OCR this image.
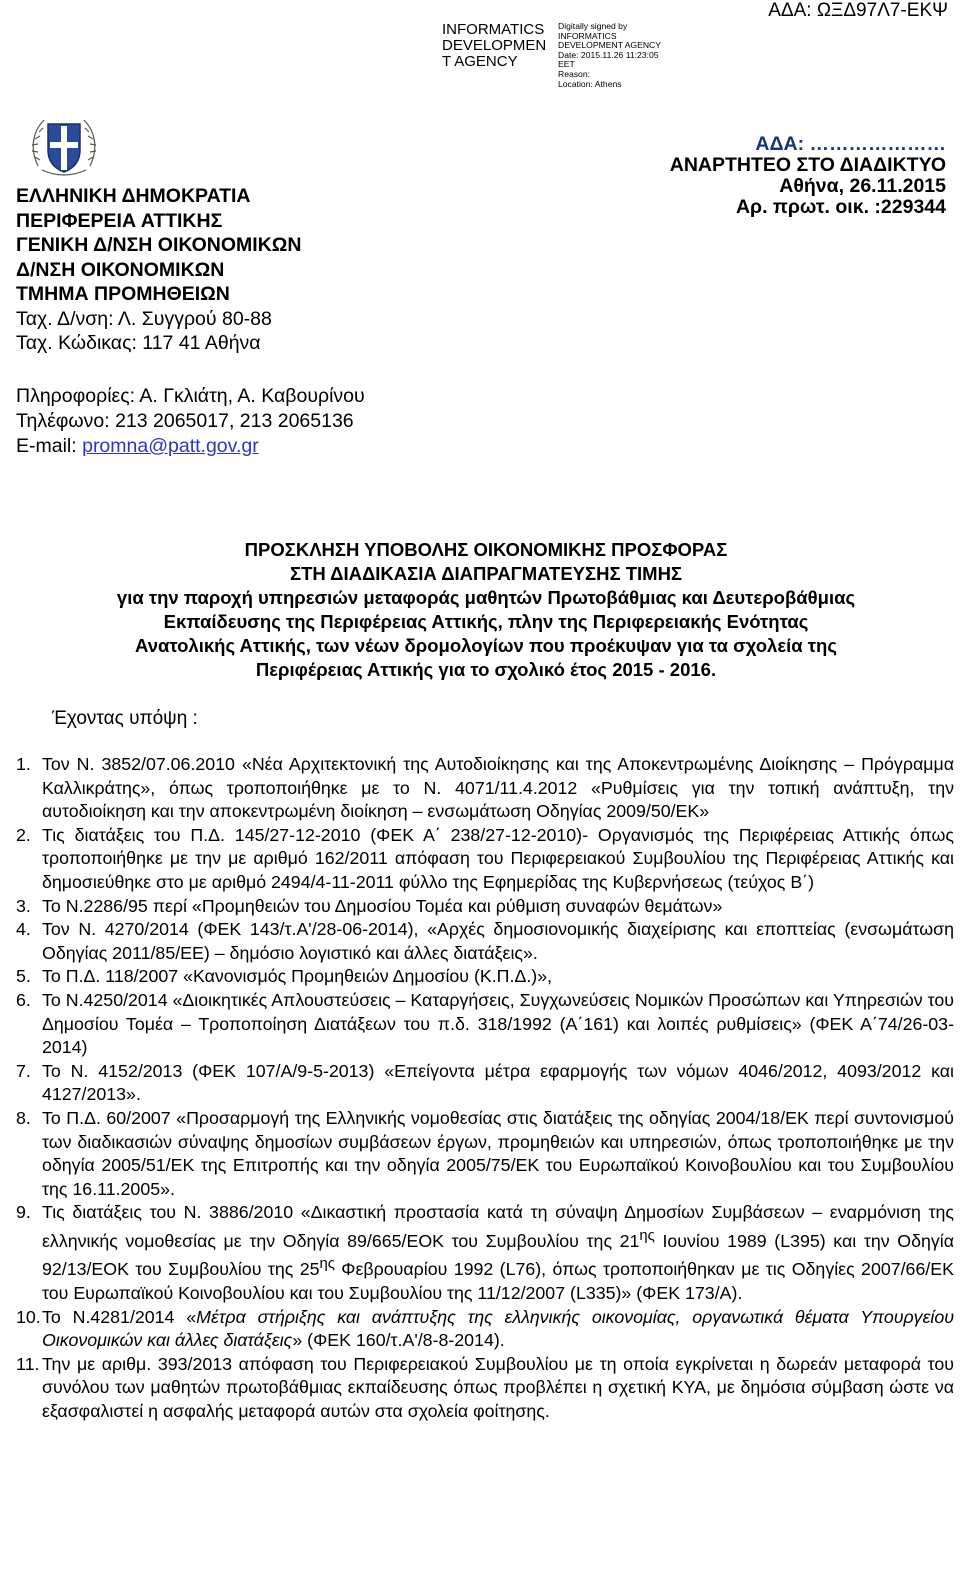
INFORMATICS
DEVELOPMEN
T AGENCY
Digitally signed by
INFORMATICS
DEVELOPMENT AGENCY
Date: 2015.11.26 11:23:05
EET
Reason:
Location: Athens
ΑΔΑ: ΩΞΔ97Λ7-ΕΚΨ
ΕΛΛΗΝΙΚΗ ΔΗΜΟΚΡΑΤΙΑ
ΠΕΡΙΦΕΡΕΙΑ ΑΤΤΙΚΗΣ
ΓΕΝΙΚΗ Δ/ΝΣΗ ΟΙΚΟΝΟΜΙΚΩΝ
Δ/ΝΣΗ ΟΙΚΟΝΟΜΙΚΩΝ
ΤΜΗΜΑ ΠΡΟΜΗΘΕΙΩΝ
Ταχ. Δ/νση: Λ. Συγγρού 80-88
Ταχ. Κώδικας: 117 41 Αθήνα
Πληροφορίες: Α. Γκλιάτη, Α. Καβουρίνου
Τηλέφωνο: 213 2065017, 213 2065136
E-mail: promna@patt.gov.gr
ΑΔΑ: …………………
ΑΝΑΡΤΗΤΕΟ ΣΤΟ ΔΙΑΔΙΚΤΥΟ
Αθήνα, 26.11.2015
Αρ. πρωτ. οικ. :229344
ΠΡΟΣΚΛΗΣΗ ΥΠΟΒΟΛΗΣ ΟΙΚΟΝΟΜΙΚΗΣ ΠΡΟΣΦΟΡΑΣ
ΣΤΗ ΔΙΑΔΙΚΑΣΙΑ ΔΙΑΠΡΑΓΜΑΤΕΥΣΗΣ ΤΙΜΗΣ
για την παροχή υπηρεσιών μεταφοράς μαθητών Πρωτοβάθμιας και Δευτεροβάθμιας
Εκπαίδευσης της Περιφέρειας Αττικής, πλην της Περιφερειακής Ενότητας
Ανατολικής Αττικής, των νέων δρομολογίων που προέκυψαν για τα σχολεία της
Περιφέρειας Αττικής για το σχολικό έτος 2015 - 2016.
Έχοντας υπόψη :
1. Τον Ν. 3852/07.06.2010 «Νέα Αρχιτεκτονική της Αυτοδιοίκησης και της Αποκεντρωμένης Διοίκησης – Πρόγραμμα Καλλικράτης», όπως τροποποιήθηκε με το Ν. 4071/11.4.2012 «Ρυθμίσεις για την τοπική ανάπτυξη, την αυτοδιοίκηση και την αποκεντρωμένη διοίκηση – ενσωμάτωση Οδηγίας 2009/50/ΕΚ»
2. Τις διατάξεις του Π.Δ. 145/27-12-2010 (ΦΕΚ Α΄ 238/27-12-2010)- Οργανισμός της Περιφέρειας Αττικής όπως τροποποιήθηκε με την με αριθμό 162/2011 απόφαση του Περιφερειακού Συμβουλίου της Περιφέρειας Αττικής και δημοσιεύθηκε στο με αριθμό 2494/4-11-2011 φύλλο της Εφημερίδας της Κυβερνήσεως (τεύχος Β΄)
3. Το Ν.2286/95 περί «Προμηθειών του Δημοσίου Τομέα και ρύθμιση συναφών θεμάτων»
4. Τον Ν. 4270/2014 (ΦΕΚ 143/τ.Α'/28-06-2014), «Αρχές δημοσιονομικής διαχείρισης και εποπτείας (ενσωμάτωση Οδηγίας 2011/85/ΕΕ) – δημόσιο λογιστικό και άλλες διατάξεις».
5. Το Π.Δ. 118/2007 «Κανονισμός Προμηθειών Δημοσίου (Κ.Π.Δ.)»,
6. Το Ν.4250/2014 «Διοικητικές Απλουστεύσεις – Καταργήσεις, Συγχωνεύσεις Νομικών Προσώπων και Υπηρεσιών του Δημοσίου Τομέα – Τροποποίηση Διατάξεων του π.δ. 318/1992 (Α΄161) και λοιπές ρυθμίσεις» (ΦΕΚ Α΄74/26-03-2014)
7. Το Ν. 4152/2013 (ΦΕΚ 107/Α/9-5-2013) «Επείγοντα μέτρα εφαρμογής των νόμων 4046/2012, 4093/2012 και 4127/2013».
8. Το Π.Δ. 60/2007 «Προσαρμογή της Ελληνικής νομοθεσίας στις διατάξεις της οδηγίας 2004/18/ΕΚ περί συντονισμού των διαδικασιών σύναψης δημοσίων συμβάσεων έργων, προμηθειών και υπηρεσιών, όπως τροποποιήθηκε με την οδηγία 2005/51/ΕΚ της Επιτροπής και την οδηγία 2005/75/ΕΚ του Ευρωπαϊκού Κοινοβουλίου και του Συμβουλίου της 16.11.2005».
9. Τις διατάξεις του Ν. 3886/2010 «Δικαστική προστασία κατά τη σύναψη Δημοσίων Συμβάσεων – εναρμόνιση της ελληνικής νομοθεσίας με την Οδηγία 89/665/ΕΟΚ του Συμβουλίου της $21^{\eta\varsigma}$ Ιουνίου 1989 (L395) και την Οδηγία 92/13/ΕΟΚ του Συμβουλίου της $25^{\eta\varsigma}$ Φεβρουαρίου 1992 (L76), όπως τροποποιήθηκαν με τις Οδηγίες 2007/66/ΕΚ του Ευρωπαϊκού Κοινοβουλίου και του Συμβουλίου της 11/12/2007 (L335)» (ΦΕΚ 173/Α).
10. Το Ν.4281/2014 «Μέτρα στήριξης και ανάπτυξης της ελληνικής οικονομίας, οργανωτικά θέματα Υπουργείου Οικονομικών και άλλες διατάξεις» (ΦΕΚ 160/τ.Α'/8-8-2014).
11. Την με αριθμ. 393/2013 απόφαση του Περιφερειακού Συμβουλίου με τη οποία εγκρίνεται η δωρεάν μεταφορά του συνόλου των μαθητών πρωτοβάθμιας εκπαίδευσης όπως προβλέπει η σχετική ΚΥΑ, με δημόσια σύμβαση ώστε να εξασφαλιστεί η ασφαλής μεταφορά αυτών στα σχολεία φοίτησης.
